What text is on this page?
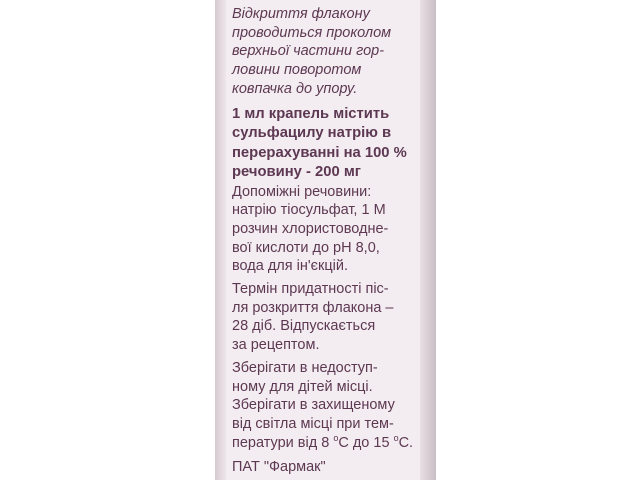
Відкриття флакону
проводиться проколом
верхньої частини гор-
ловини поворотом
ковпачка до упору.
1 мл крапель містить
сульфацилу натрію в
перерахуванні на 100 %
речовину - 200 мг
Допоміжні речовини:
натрію тіосульфат, 1 М
розчин хлористоводне-
вої кислоти до pH 8,0,
вода для ін'єкцій.
Термін придатності піс-
ля розкриття флакона –
28 діб. Відпускається
за рецептом.
Зберігати в недоступ-
ному для дітей місці.
Зберігати в захищеному
від світла місці при тем-
ператури від 8 $^o$С до 15 $^o$С.
ПАТ "Фармак"
